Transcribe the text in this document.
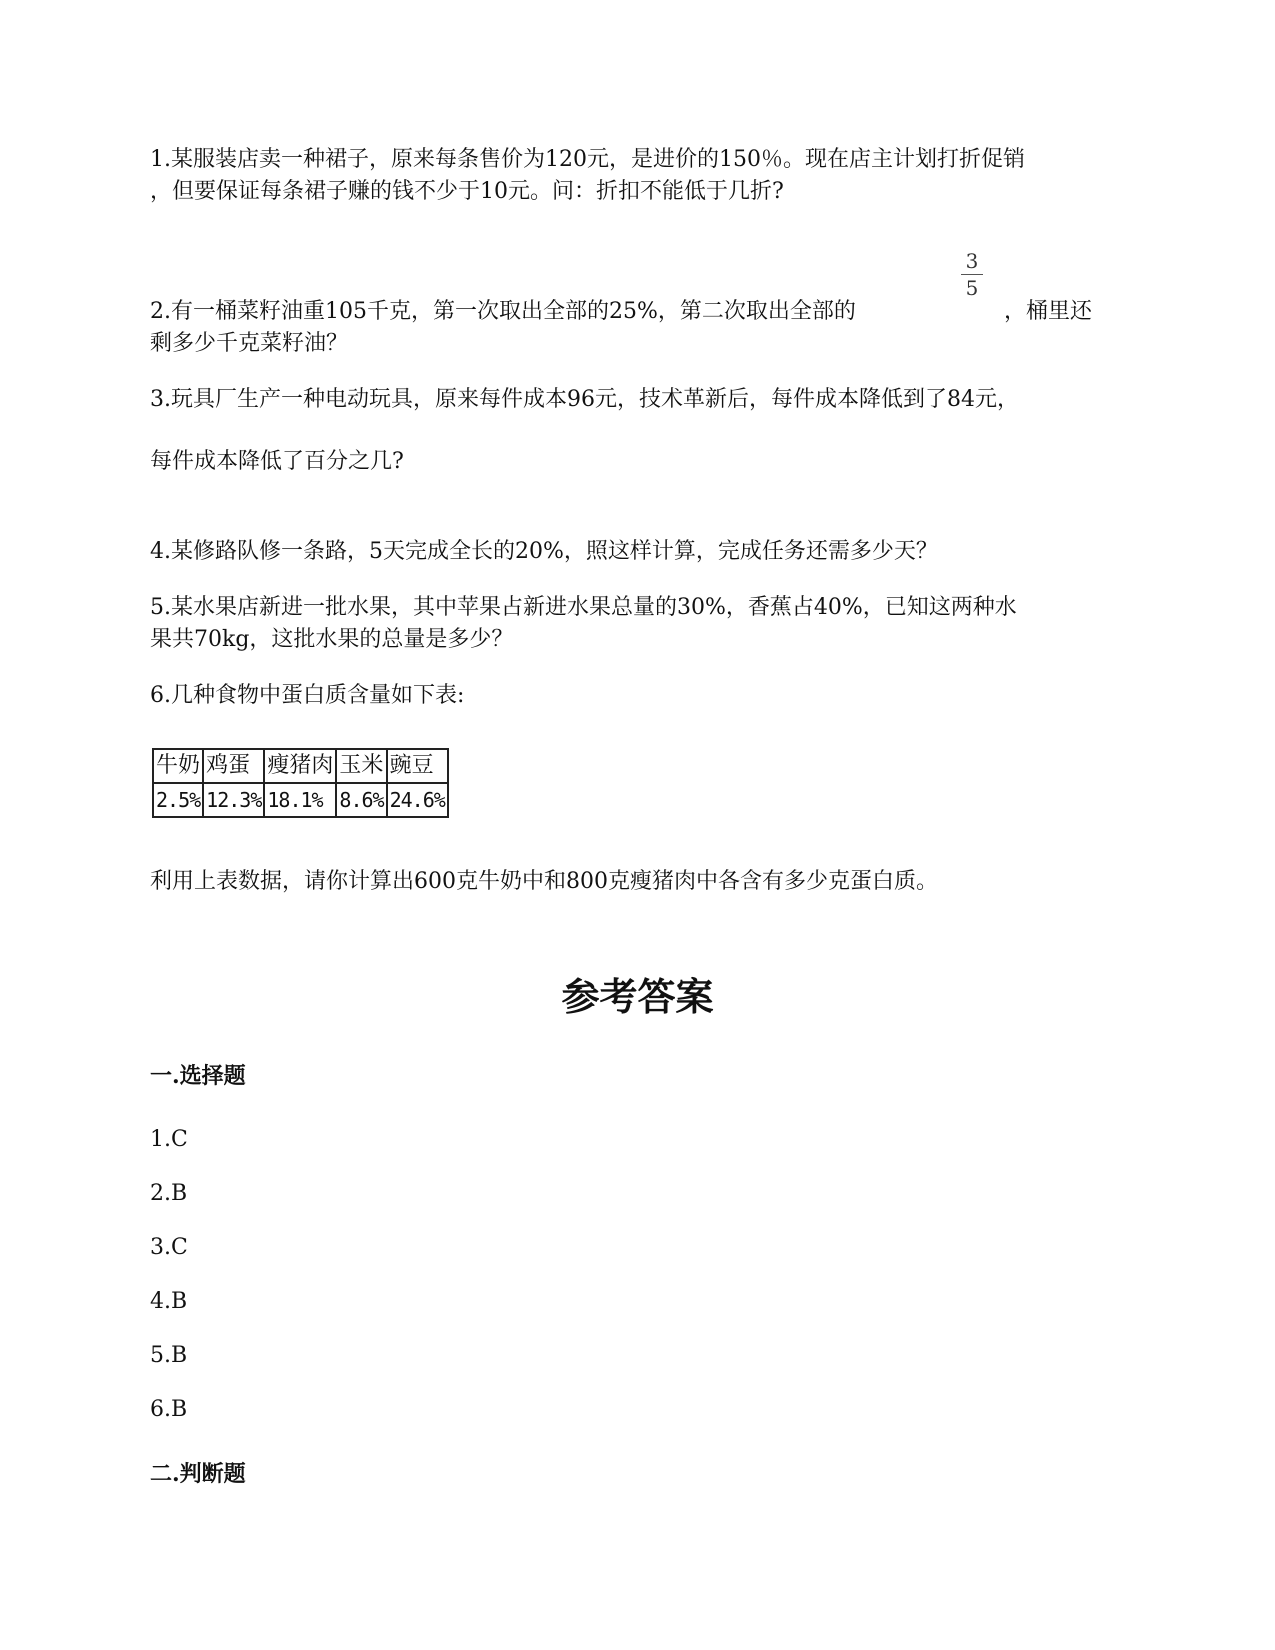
1.某服装店卖一种裙子，原来每条售价为120元，是进价的150％。现在店主计划打折促销
，但要保证每条裙子赚的钱不少于10元。问：折扣不能低于几折?
3
5
2.有一桶菜籽油重105千克，第一次取出全部的25%，第二次取出全部的	，桶里还
剩多少千克菜籽油？
3.玩具厂生产一种电动玩具，原来每件成本96元，技术革新后，每件成本降低到了84元，
每件成本降低了百分之几?
4.某修路队修一条路，5天完成全长的20%，照这样计算，完成任务还需多少天？
5.某水果店新进一批水果，其中苹果占新进水果总量的30%，香蕉占40%，已知这两种水
果共70kg，这批水果的总量是多少？
6.几种食物中蛋白质含量如下表:
牛奶	鸡蛋	瘦猪肉	玉米	豌豆
2.5%	12.3%	18.1%	8.6%	24.6%
利用上表数据，请你计算出600克牛奶中和800克瘦猪肉中各含有多少克蛋白质。
参考答案
一.选择题
1.C
2.B
3.C
4.B
5.B
6.B
二.判断题
